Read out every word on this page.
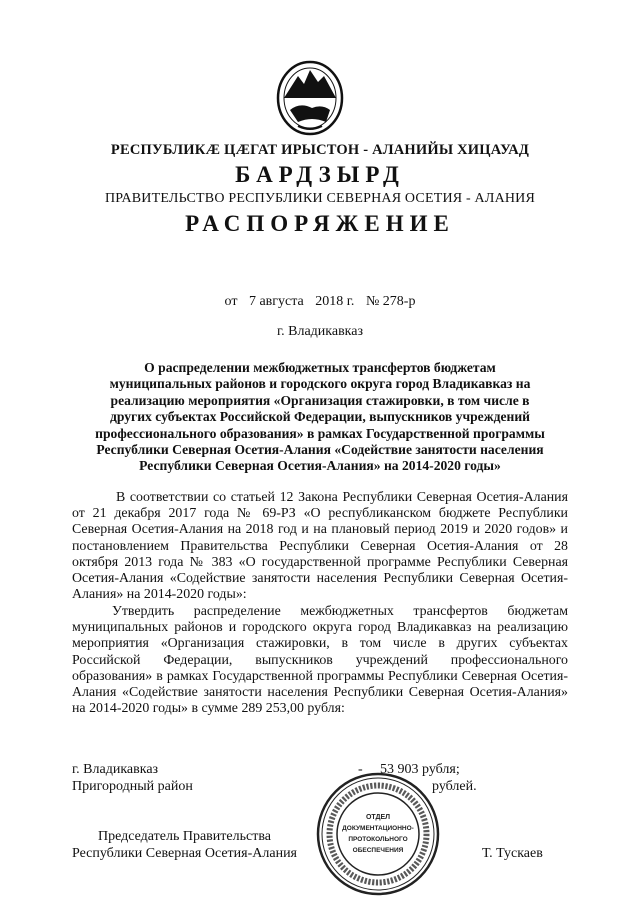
РЕСПУБЛИКÆ ЦÆГАТ ИРЫСТОН - АЛАНИЙЫ ХИЦАУАД
БАРДЗЫРД
ПРАВИТЕЛЬСТВО РЕСПУБЛИКИ СЕВЕРНАЯ ОСЕТИЯ - АЛАНИЯ
РАСПОРЯЖЕНИЕ
от 7 августа 2018 г. № 278-р
г. Владикавказ
О распределении межбюджетных трансфертов бюджетам
муниципальных районов и городского округа город Владикавказ на
реализацию мероприятия «Организация стажировки, в том числе в
других субъектах Российской Федерации, выпускников учреждений
профессионального образования» в рамках Государственной программы
Республики Северная Осетия-Алания «Содействие занятости населения
Республики Северная Осетия-Алания» на 2014-2020 годы»

В соответствии со статьей 12 Закона Республики Северная Осетия-Алания от 21 декабря 2017 года № 69-РЗ «О республиканском бюджете Республики Северная Осетия-Алания на 2018 год и на плановый период 2019 и 2020 годов» и постановлением Правительства Республики Северная Осетия-Алания от 28 октября 2013 года № 383 «О государственной программе Республики Северная Осетия-Алания «Содействие занятости населения Республики Северная Осетия-Алания» на 2014-2020 годы»:

Утвердить распределение межбюджетных трансфертов бюджетам муниципальных районов и городского округа город Владикавказ на реализацию мероприятия «Организация стажировки, в том числе в других субъектах Российской Федерации, выпускников учреждений профессионального образования» в рамках Государственной программы Республики Северная Осетия-Алания «Содействие занятости населения Республики Северная Осетия-Алания» на 2014-2020 годы» в сумме 289 253,00 рубля:

г. Владикавказ	- 53 903 рубля;
Пригородный район	рублей.
ОТДЕЛ
ДОКУМЕНТАЦИОННО-
ПРОТОКОЛЬНОГО
ОБЕСПЕЧЕНИЯ
Председатель Правительства
Республики Северная Осетия-Алания	Т. Тускаев
